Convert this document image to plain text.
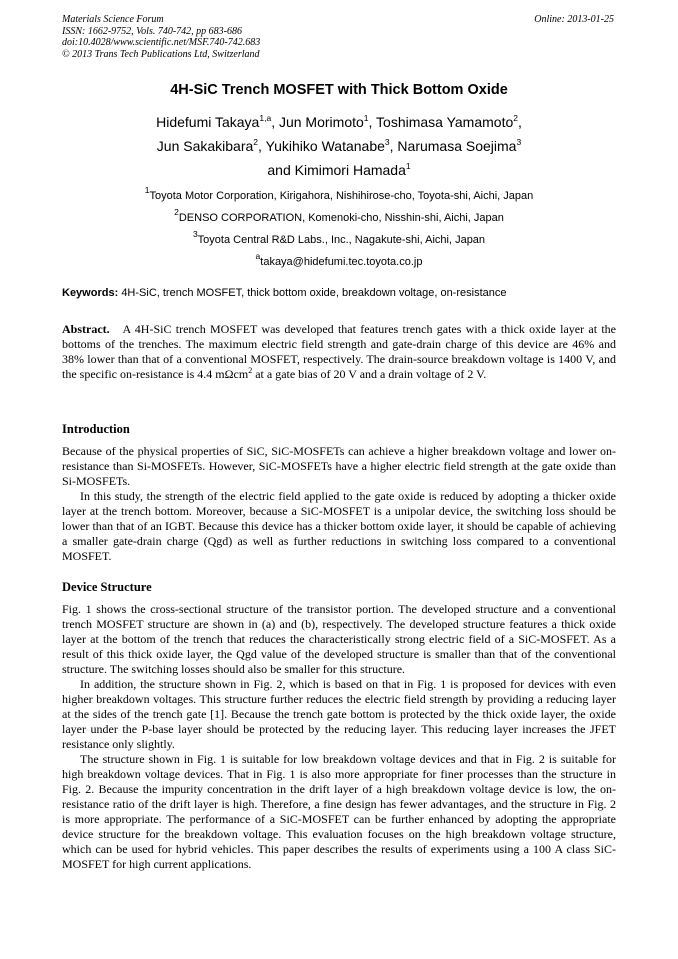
Materials Science Forum
ISSN: 1662-9752, Vols. 740-742, pp 683-686
doi:10.4028/www.scientific.net/MSF.740-742.683
© 2013 Trans Tech Publications Ltd, Switzerland
Online: 2013-01-25
4H-SiC Trench MOSFET with Thick Bottom Oxide
Hidefumi Takaya$^{1,a}$, Jun Morimoto$^1$, Toshimasa Yamamoto$^2$,
Jun Sakakibara$^2$, Yukihiko Watanabe$^3$, Narumasa Soejima$^3$
and Kimimori Hamada$^1$
$^1$Toyota Motor Corporation, Kirigahora, Nishihirose-cho, Toyota-shi, Aichi, Japan
$^2$DENSO CORPORATION, Komenoki-cho, Nisshin-shi, Aichi, Japan
$^3$Toyota Central R&D Labs., Inc., Nagakute-shi, Aichi, Japan
$^a$takaya@hidefumi.tec.toyota.co.jp
Keywords: 4H-SiC, trench MOSFET, thick bottom oxide, breakdown voltage, on-resistance

Abstract. A 4H-SiC trench MOSFET was developed that features trench gates with a thick oxide layer at the bottoms of the trenches. The maximum electric field strength and gate-drain charge of this device are 46% and 38% lower than that of a conventional MOSFET, respectively. The drain-source breakdown voltage is 1400 V, and the specific on-resistance is 4.4 mΩcm$^2$ at a gate bias of 20 V and a drain voltage of 2 V.

Introduction

Because of the physical properties of SiC, SiC-MOSFETs can achieve a higher breakdown voltage and lower on-resistance than Si-MOSFETs. However, SiC-MOSFETs have a higher electric field strength at the gate oxide than Si-MOSFETs.

In this study, the strength of the electric field applied to the gate oxide is reduced by adopting a thicker oxide layer at the trench bottom. Moreover, because a SiC-MOSFET is a unipolar device, the switching loss should be lower than that of an IGBT. Because this device has a thicker bottom oxide layer, it should be capable of achieving a smaller gate-drain charge (Qgd) as well as further reductions in switching loss compared to a conventional MOSFET.

Device Structure

Fig. 1 shows the cross-sectional structure of the transistor portion. The developed structure and a conventional trench MOSFET structure are shown in (a) and (b), respectively. The developed structure features a thick oxide layer at the bottom of the trench that reduces the characteristically strong electric field of a SiC-MOSFET. As a result of this thick oxide layer, the Qgd value of the developed structure is smaller than that of the conventional structure. The switching losses should also be smaller for this structure.

In addition, the structure shown in Fig. 2, which is based on that in Fig. 1 is proposed for devices with even higher breakdown voltages. This structure further reduces the electric field strength by providing a reducing layer at the sides of the trench gate [1]. Because the trench gate bottom is protected by the thick oxide layer, the oxide layer under the P-base layer should be protected by the reducing layer. This reducing layer increases the JFET resistance only slightly.

The structure shown in Fig. 1 is suitable for low breakdown voltage devices and that in Fig. 2 is suitable for high breakdown voltage devices. That in Fig. 1 is also more appropriate for finer processes than the structure in Fig. 2. Because the impurity concentration in the drift layer of a high breakdown voltage device is low, the on-resistance ratio of the drift layer is high. Therefore, a fine design has fewer advantages, and the structure in Fig. 2 is more appropriate. The performance of a SiC-MOSFET can be further enhanced by adopting the appropriate device structure for the breakdown voltage. This evaluation focuses on the high breakdown voltage structure, which can be used for hybrid vehicles. This paper describes the results of experiments using a 100 A class SiC-MOSFET for high current applications.
